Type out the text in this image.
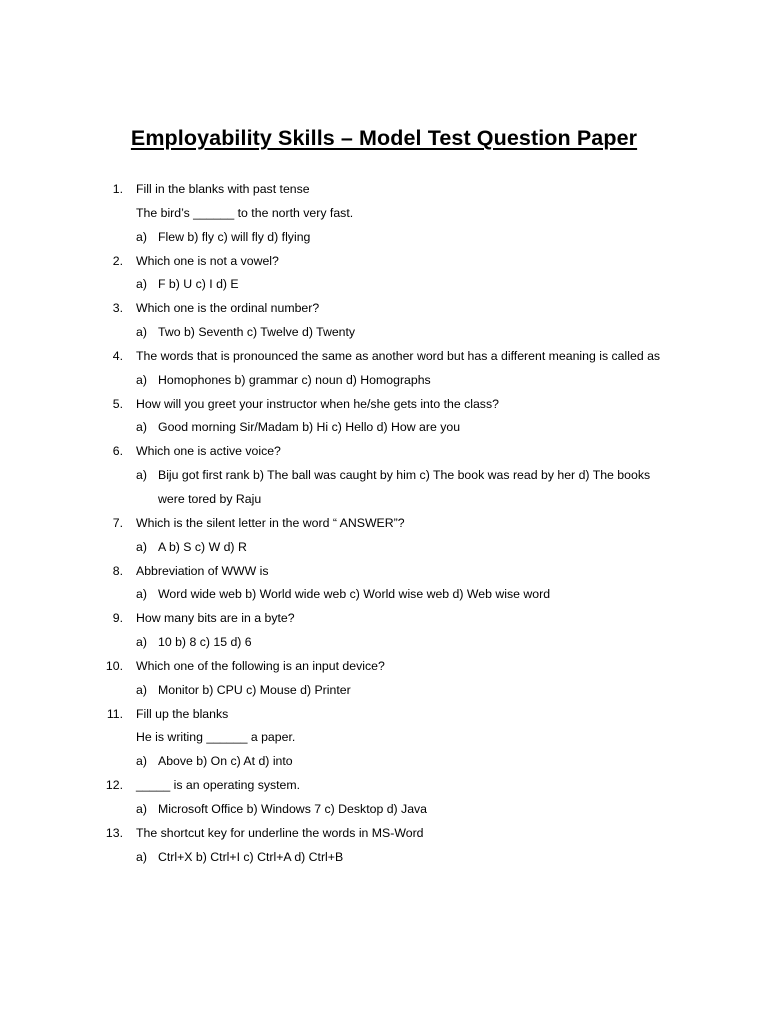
Employability Skills – Model Test Question Paper
1. Fill in the blanks with past tense
The bird’s ______ to the north very fast.
a) Flew b) fly c) will fly d) flying
2. Which one is not a vowel?
a) F b) U c) I d) E
3. Which one is the ordinal number?
a) Two b) Seventh c) Twelve d) Twenty
4. The words that is pronounced the same as another word but has a different meaning is called as
a) Homophones b) grammar c) noun d) Homographs
5. How will you greet your instructor when he/she gets into the class?
a) Good morning Sir/Madam b) Hi c) Hello d) How are you
6. Which one is active voice?
a) Biju got first rank b) The ball was caught by him c) The book was read by her d) The books
were tored by Raju
7. Which is the silent letter in the word “ ANSWER”?
a) A b) S c) W d) R
8. Abbreviation of WWW is
a) Word wide web b) World wide web c) World wise web d) Web wise word
9. How many bits are in a byte?
a) 10 b) 8 c) 15 d) 6
10. Which one of the following is an input device?
a) Monitor b) CPU c) Mouse d) Printer
11. Fill up the blanks
He is writing ______ a paper.
a) Above b) On c) At d) into
12. _____ is an operating system.
a) Microsoft Office b) Windows 7 c) Desktop d) Java
13. The shortcut key for underline the words in MS-Word
a) Ctrl+X b) Ctrl+I c) Ctrl+A d) Ctrl+B
